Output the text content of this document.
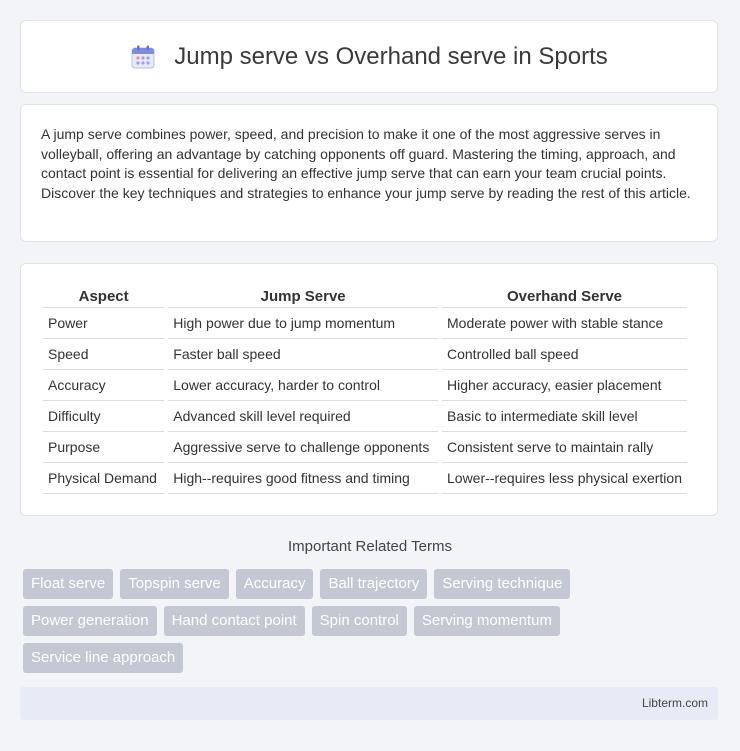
Jump serve vs Overhand serve in Sports

A jump serve combines power, speed, and precision to make it one of the most aggressive serves in volleyball, offering an advantage by catching opponents off guard. Mastering the timing, approach, and contact point is essential for delivering an effective jump serve that can earn your team crucial points. Discover the key techniques and strategies to enhance your jump serve by reading the rest of this article.

Aspect	Jump Serve	Overhand Serve
Power	High power due to jump momentum	Moderate power with stable stance
Speed	Faster ball speed	Controlled ball speed
Accuracy	Lower accuracy, harder to control	Higher accuracy, easier placement
Difficulty	Advanced skill level required	Basic to intermediate skill level
Purpose	Aggressive serve to challenge opponents	Consistent serve to maintain rally
Physical Demand	High--requires good fitness and timing	Lower--requires less physical exertion
Important Related Terms
Float serve	Topspin serve	Accuracy	Ball trajectory	Serving technique
Power generation	Hand contact point	Spin control	Serving momentum
Service line approach
Libterm.com
